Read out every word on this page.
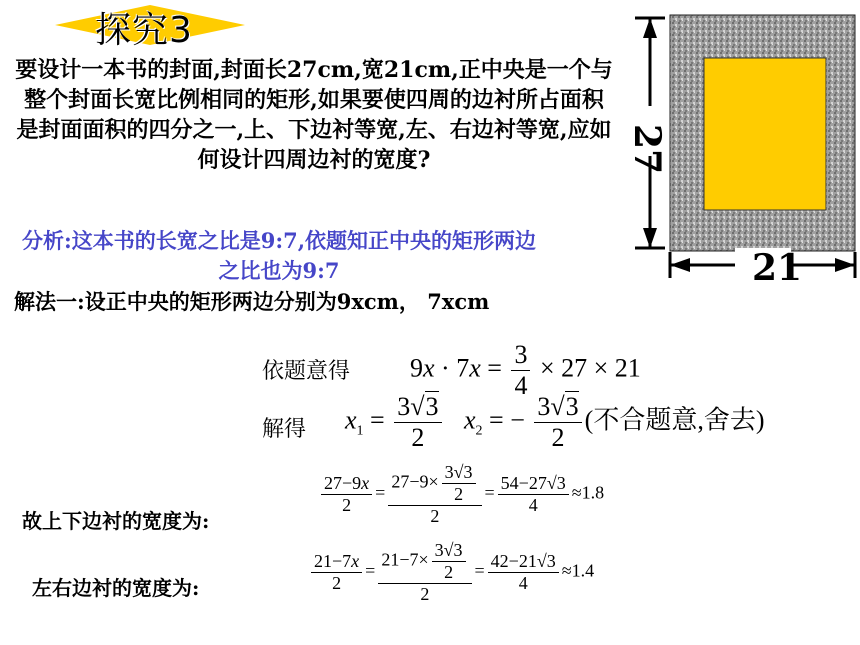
探究3
要设计一本书的封面,封面长27cm,宽21cm,正中央是一个与整个封面长宽比例相同的矩形,如果要使四周的边衬所占面积是封面面积的四分之一,上、下边衬等宽,左、右边衬等宽,应如何设计四周边衬的宽度?
分析:这本书的长宽之比是9:7,依题知正中央的矩形两边之比也为9:7
解法一:设正中央的矩形两边分别为9xcm， 7xcm
依题意得 $9x \cdot 7x = \frac{3}{4} \times 27 \times 21$
解得 $x_1 = \frac{3√3}{2} x_2$ = − $\frac{3√3}{2}$ (不合题意,舍去)
故上下边衬的宽度为:
$\frac{27-9x}{2} = \frac{27-9\times \frac{3√3}{2}}{2} = \frac{54-27√3}{4} \approx 1.8$
左右边衬的宽度为:	$\frac{21-7x}{2} = \frac{21-7\times \frac{3√3}{2}}{2} = \frac{42-21√3}{4} \approx 1.4$
27
21
